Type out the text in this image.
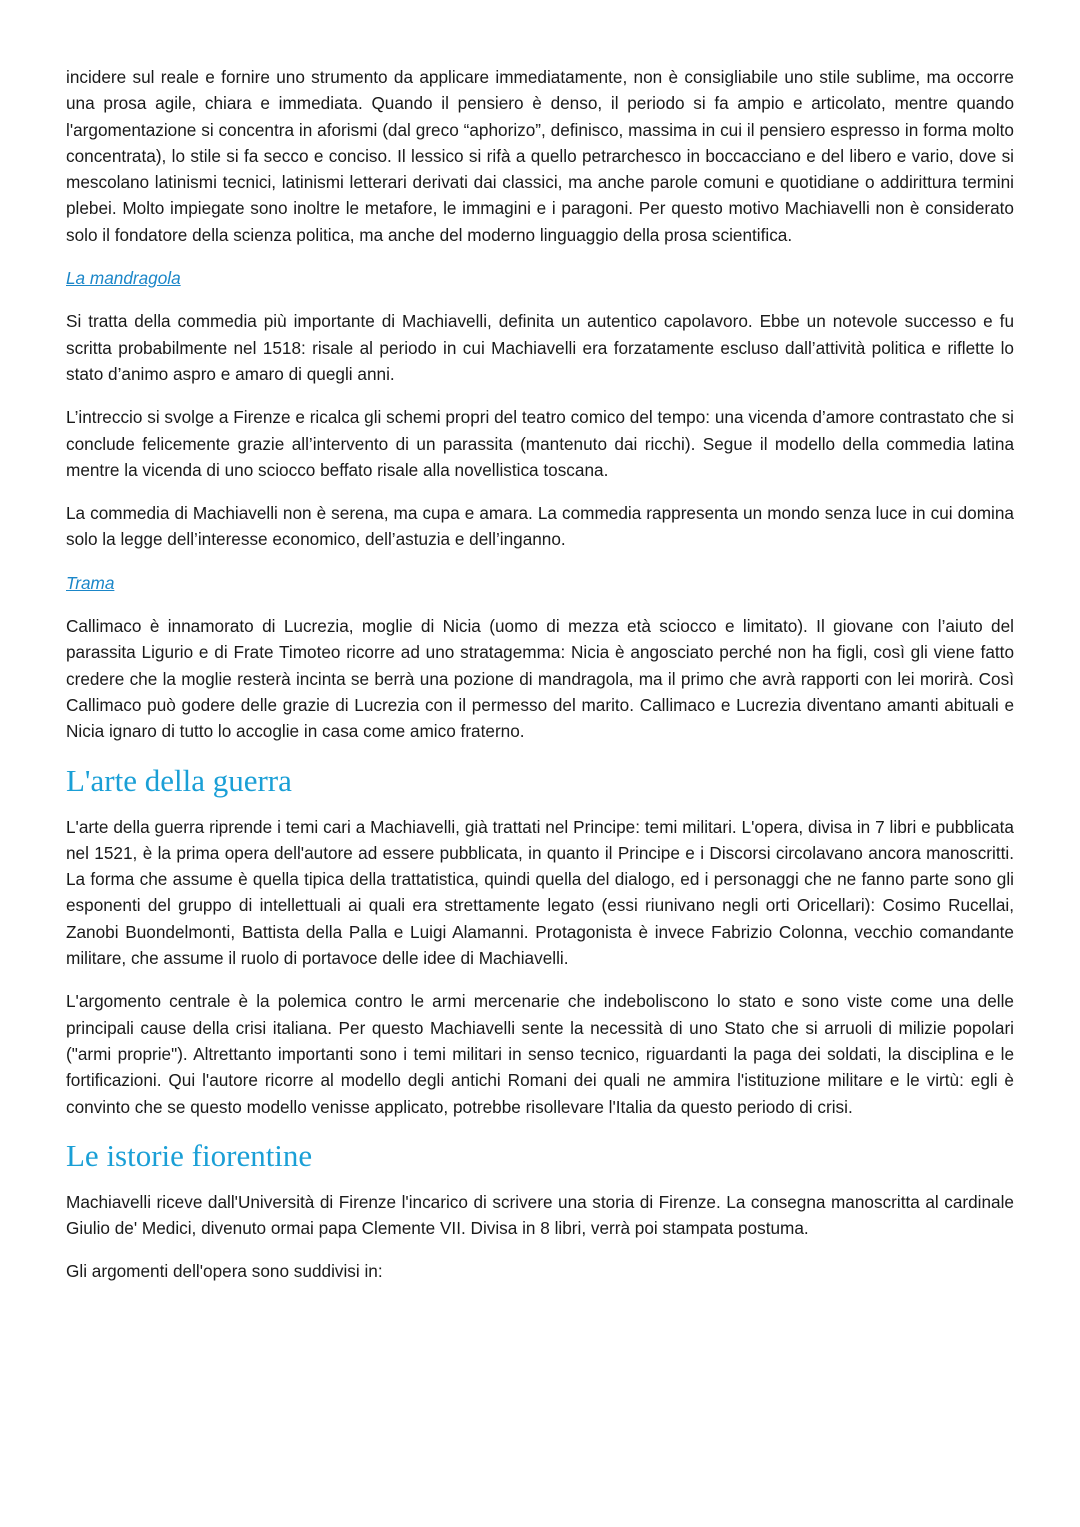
incidere sul reale e fornire uno strumento da applicare immediatamente, non è consigliabile uno stile sublime, ma occorre una prosa agile, chiara e immediata. Quando il pensiero è denso, il periodo si fa ampio e articolato, mentre quando l'argomentazione si concentra in aforismi (dal greco “aphorizo”, definisco, massima in cui il pensiero espresso in forma molto concentrata), lo stile si fa secco e conciso. Il lessico si rifà a quello petrarchesco in boccacciano e del libero e vario, dove si mescolano latinismi tecnici, latinismi letterari derivati dai classici, ma anche parole comuni e quotidiane o addirittura termini plebei. Molto impiegate sono inoltre le metafore, le immagini e i paragoni. Per questo motivo Machiavelli non è considerato solo il fondatore della scienza politica, ma anche del moderno linguaggio della prosa scientifica.

La mandragola

Si tratta della commedia più importante di Machiavelli, definita un autentico capolavoro. Ebbe un notevole successo e fu scritta probabilmente nel 1518: risale al periodo in cui Machiavelli era forzatamente escluso dall’attività politica e riflette lo stato d’animo aspro e amaro di quegli anni.

L’intreccio si svolge a Firenze e ricalca gli schemi propri del teatro comico del tempo: una vicenda d’amore contrastato che si conclude felicemente grazie all’intervento di un parassita (mantenuto dai ricchi). Segue il modello della commedia latina mentre la vicenda di uno sciocco beffato risale alla novellistica toscana.

La commedia di Machiavelli non è serena, ma cupa e amara. La commedia rappresenta un mondo senza luce in cui domina solo la legge dell’interesse economico, dell’astuzia e dell’inganno.

Trama

Callimaco è innamorato di Lucrezia, moglie di Nicia (uomo di mezza età sciocco e limitato). Il giovane con l’aiuto del parassita Ligurio e di Frate Timoteo ricorre ad uno stratagemma: Nicia è angosciato perché non ha figli, così gli viene fatto credere che la moglie resterà incinta se berrà una pozione di mandragola, ma il primo che avrà rapporti con lei morirà. Così Callimaco può godere delle grazie di Lucrezia con il permesso del marito. Callimaco e Lucrezia diventano amanti abituali e Nicia ignaro di tutto lo accoglie in casa come amico fraterno.

L'arte della guerra

L'arte della guerra riprende i temi cari a Machiavelli, già trattati nel Principe: temi militari. L'opera, divisa in 7 libri e pubblicata nel 1521, è la prima opera dell'autore ad essere pubblicata, in quanto il Principe e i Discorsi circolavano ancora manoscritti. La forma che assume è quella tipica della trattatistica, quindi quella del dialogo, ed i personaggi che ne fanno parte sono gli esponenti del gruppo di intellettuali ai quali era strettamente legato (essi riunivano negli orti Oricellari): Cosimo Rucellai, Zanobi Buondelmonti, Battista della Palla e Luigi Alamanni. Protagonista è invece Fabrizio Colonna, vecchio comandante militare, che assume il ruolo di portavoce delle idee di Machiavelli.

L'argomento centrale è la polemica contro le armi mercenarie che indeboliscono lo stato e sono viste come una delle principali cause della crisi italiana. Per questo Machiavelli sente la necessità di uno Stato che si arruoli di milizie popolari ("armi proprie"). Altrettanto importanti sono i temi militari in senso tecnico, riguardanti la paga dei soldati, la disciplina e le fortificazioni. Qui l'autore ricorre al modello degli antichi Romani dei quali ne ammira l'istituzione militare e le virtù: egli è convinto che se questo modello venisse applicato, potrebbe risollevare l'Italia da questo periodo di crisi.

Le istorie fiorentine

Machiavelli riceve dall'Università di Firenze l'incarico di scrivere una storia di Firenze. La consegna manoscritta al cardinale Giulio de' Medici, divenuto ormai papa Clemente VII. Divisa in 8 libri, verrà poi stampata postuma.

Gli argomenti dell'opera sono suddivisi in:
